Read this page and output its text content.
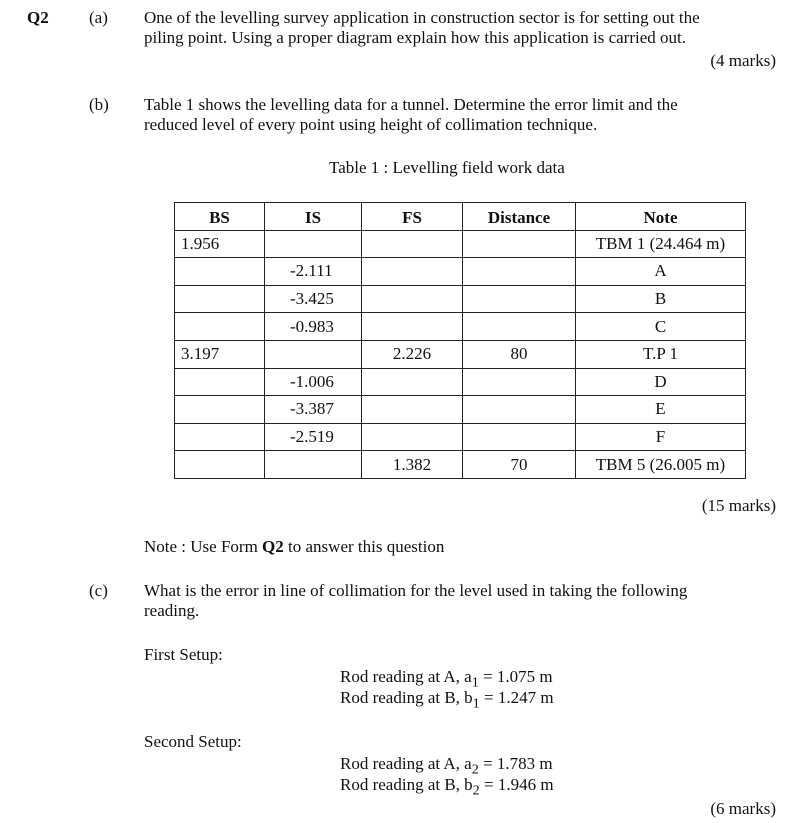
Q2 (a) One of the levelling survey application in construction sector is for setting out the
piling point. Using a proper diagram explain how this application is carried out.
(4 marks)
(b) Table 1 shows the levelling data for a tunnel. Determine the error limit and the
reduced level of every point using height of collimation technique.
Table 1 : Levelling field work data
BS	IS	FS	Distance	Note
1.956				TBM 1 (24.464 m)
	-2.111			A
	-3.425			B
	-0.983			C
3.197		2.226	80	T.P 1
	-1.006			D
	-3.387			E
	-2.519			F
		1.382	70	TBM 5 (26.005 m)
(15 marks)
Note : Use Form Q2 to answer this question
(c) What is the error in line of collimation for the level used in taking the following
reading.
First Setup:
Rod reading at A, $a_1 = 1.075$ m
Rod reading at B, $b_1 = 1.247$ m
Second Setup:
Rod reading at A, $a_2 = 1.783$ m
Rod reading at B, $b_2 = 1.946$ m
(6 marks)
